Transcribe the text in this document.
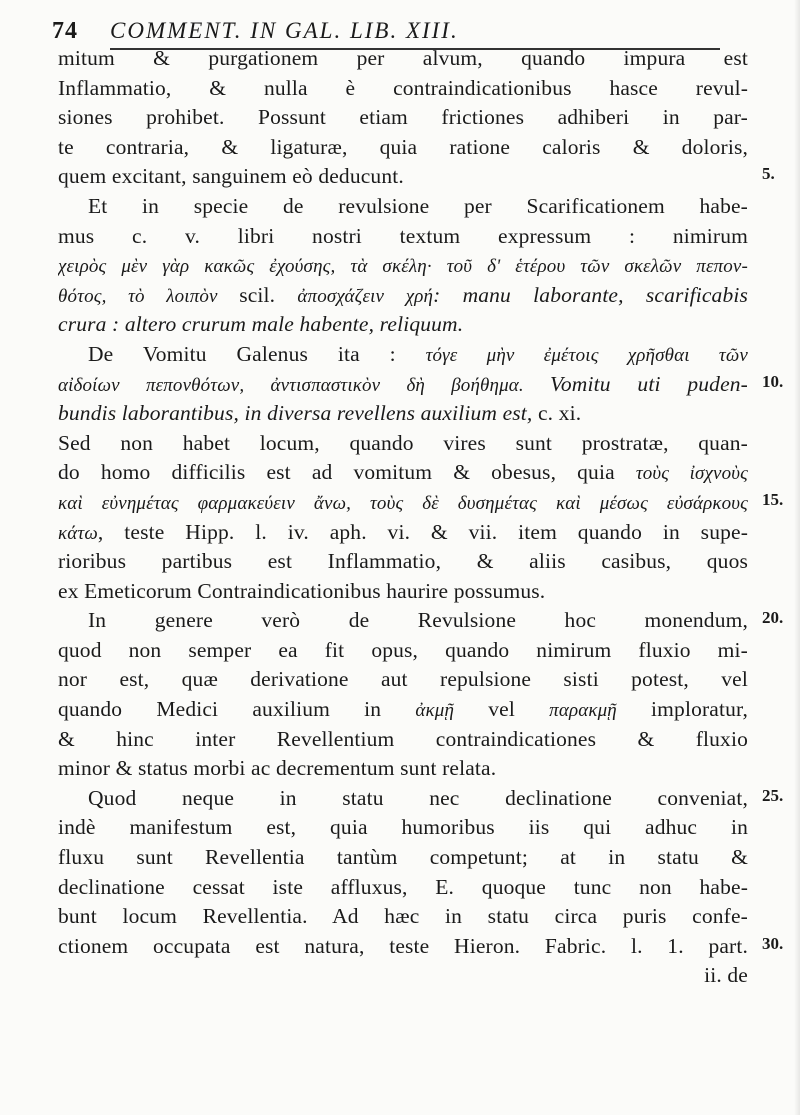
74 COMMENT. IN GAL. LIB. XIII.
mitum & purgationem per alvum, quando impura est
Inflammatio, & nulla è contraindicationibus hasce revul-
siones prohibet. Possunt etiam frictiones adhiberi in par-
te contraria, & ligaturæ, quia ratione caloris & doloris,
quem excitant, sanguinem eò deducunt.
Et in specie de revulsione per Scarificationem habe-
mus c. v. libri nostri textum expressum : nimirum
χειρὸς μὲν γὰρ κακῶς ἐχούσης, τὰ σκέλη· τοῦ δ' ἑτέρου τῶν σκελῶν πεπον-
θότος, τὸ λοιπὸν scil. ἀποσχάζειν χρή: manu laborante, scarificabis
crura : altero crurum male habente, reliquum.
De Vomitu Galenus ita : τόγε μὴν ἐμέτοις χρῆσθαι τῶν
αἰδοίων πεπονθότων, ἀντισπαστικὸν δὴ βοήθημα. Vomitu uti puden-
bundis laborantibus, in diversa revellens auxilium est, c. xi.
Sed non habet locum, quando vires sunt prostratæ, quan-
do homo difficilis est ad vomitum & obesus, quia τοὺς ἰσχνοὺς
καὶ εὐνημέτας φαρμακεύειν ἄνω, τοὺς δὲ δυσημέτας καὶ μέσως εὐσάρκους
κάτω, teste Hipp. l. iv. aph. vi. & vii. item quando in supe-
rioribus partibus est Inflammatio, & aliis casibus, quos
ex Emeticorum Contraindicationibus haurire possumus.
In genere verò de Revulsione hoc monendum,
quod non semper ea fit opus, quando nimirum fluxio mi-
nor est, quæ derivatione aut repulsione sisti potest, vel
quando Medici auxilium in ἀκμῇ vel παρακμῇ imploratur,
& hinc inter Revellentium contraindicationes & fluxio
minor & status morbi ac decrementum sunt relata.
Quod neque in statu nec declinatione conveniat,
indè manifestum est, quia humoribus iis qui adhuc in
fluxu sunt Revellentia tantùm competunt; at in statu &
declinatione cessat iste affluxus, E. quoque tunc non habe-
bunt locum Revellentia. Ad hæc in statu circa puris confe-
ctionem occupata est natura, teste Hieron. Fabric. l. 1. part.
ii. de
5.
10.
15.
20.
25.
30.
